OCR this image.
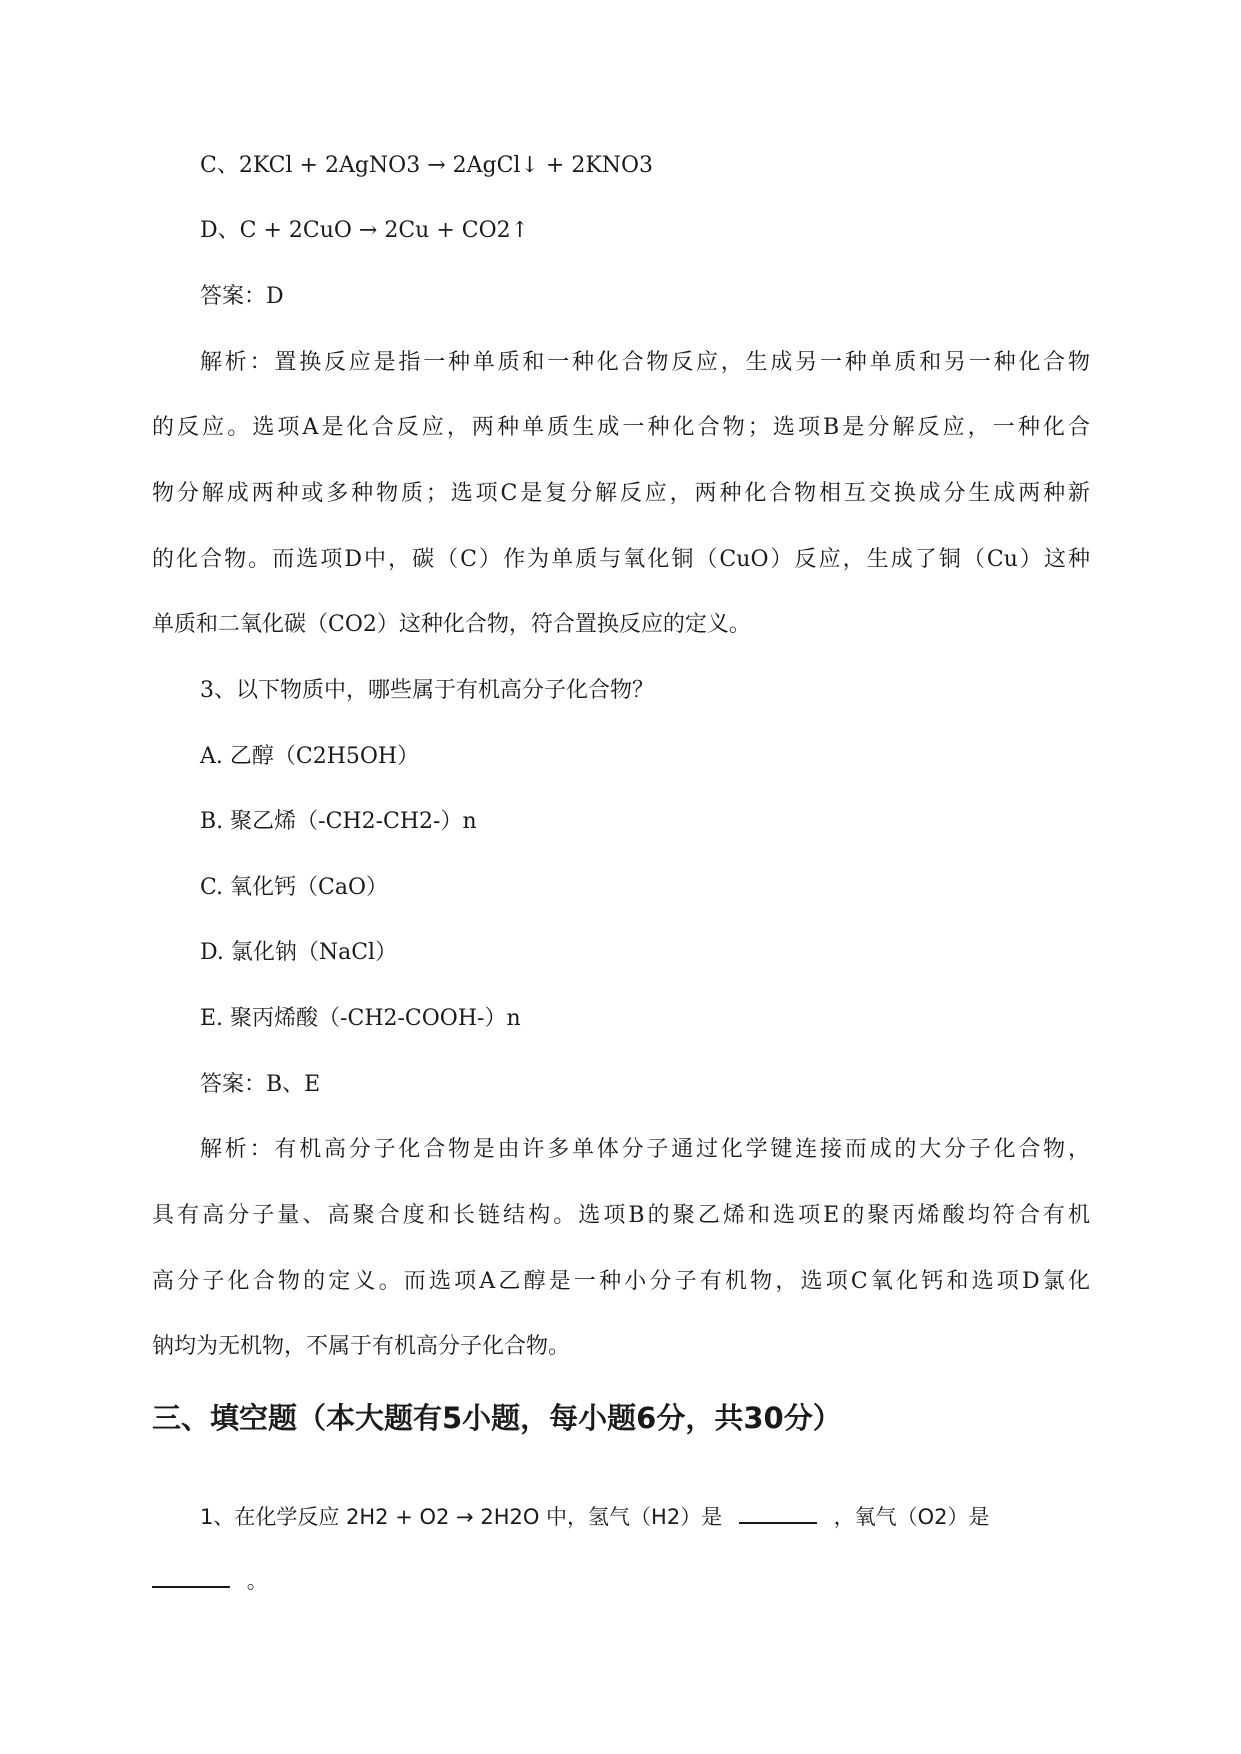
C、2KCl + 2AgNO3 → 2AgCl↓ + 2KNO3
D、C + 2CuO → 2Cu + CO2↑
答案：D
解析：置换反应是指一种单质和一种化合物反应，生成另一种单质和另一种化合物
的反应。选项A是化合反应，两种单质生成一种化合物；选项B是分解反应，一种化合
物分解成两种或多种物质；选项C是复分解反应，两种化合物相互交换成分生成两种新
的化合物。而选项D中，碳（C）作为单质与氧化铜（CuO）反应，生成了铜（Cu）这种
单质和二氧化碳（CO2）这种化合物，符合置换反应的定义。
3、以下物质中，哪些属于有机高分子化合物？
A. 乙醇（C2H5OH）
B. 聚乙烯（-CH2-CH2-）n
C. 氧化钙（CaO）
D. 氯化钠（NaCl）
E. 聚丙烯酸（-CH2-COOH-）n
答案：B、E
解析：有机高分子化合物是由许多单体分子通过化学键连接而成的大分子化合物，
具有高分子量、高聚合度和长链结构。选项B的聚乙烯和选项E的聚丙烯酸均符合有机
高分子化合物的定义。而选项A乙醇是一种小分子有机物，选项C氧化钙和选项D氯化
钠均为无机物，不属于有机高分子化合物。
三、填空题（本大题有5小题，每小题6分，共30分）
1、在化学反应 2H2 + O2 → 2H2O 中，氢气（H2）是	，氧气（O2）是
。
